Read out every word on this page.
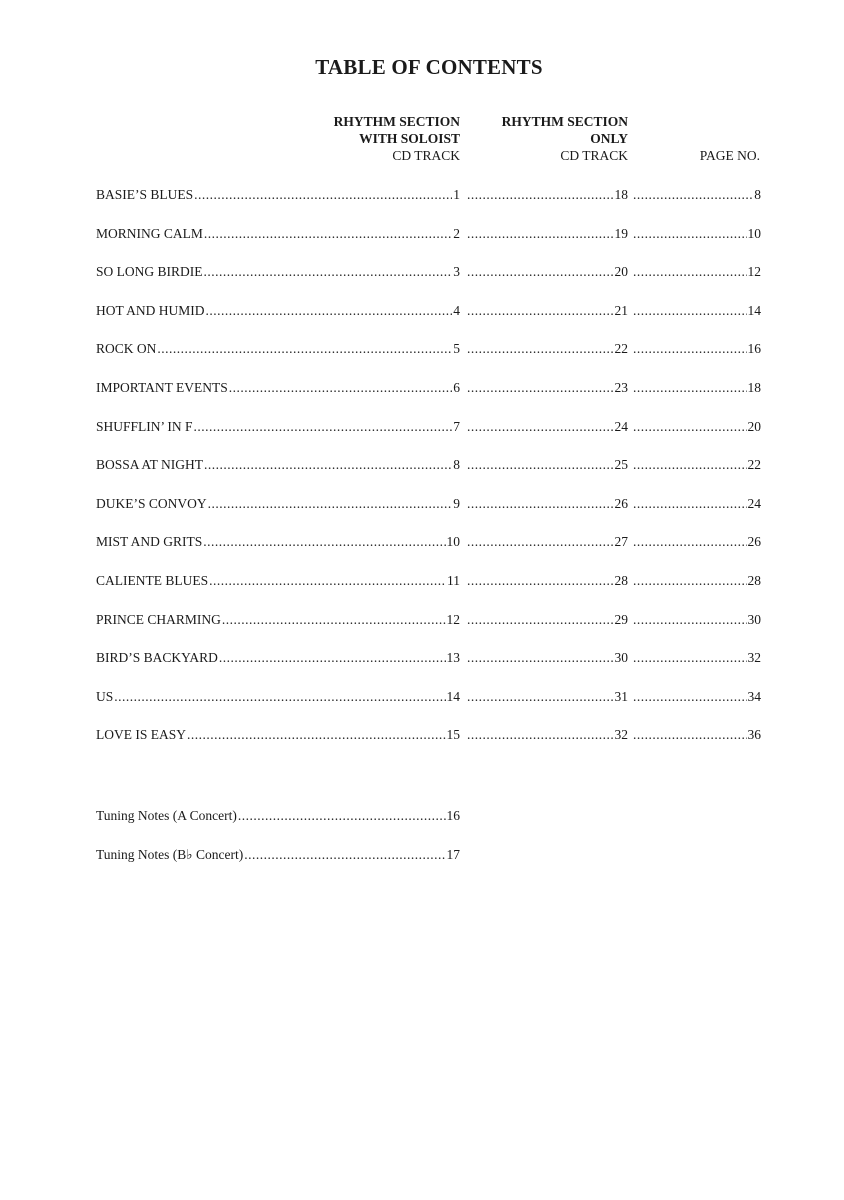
TABLE OF CONTENTS
RHYTHM SECTION
WITH SOLOIST
CD TRACK
RHYTHM SECTION
ONLY
CD TRACK	PAGE NO.
BASIE’S BLUES .....	1 .....	18 .....	8
MORNING CALM .....	2 .....	19 .....	10
SO LONG BIRDIE .....	3 .....	20 .....	12
HOT AND HUMID .....	4 .....	21 .....	14
ROCK ON .....	5 .....	22 .....	16
IMPORTANT EVENTS .....	6 .....	23 .....	18
SHUFFLIN’ IN F .....	7 .....	24 .....	20
BOSSA AT NIGHT .....	8 .....	25 .....	22
DUKE’S CONVOY .....	9 .....	26 .....	24
MIST AND GRITS .....	10 .....	27 .....	26
CALIENTE BLUES .....	11 .....	28 .....	28
PRINCE CHARMING .....	12 .....	29 .....	30
BIRD’S BACKYARD .....	13 .....	30 .....	32
US .....	14 .....	31 .....	34
LOVE IS EASY .....	15 .....	32 .....	36
Tuning Notes (A Concert) .....	16
Tuning Notes (B♭ Concert) .....	17
